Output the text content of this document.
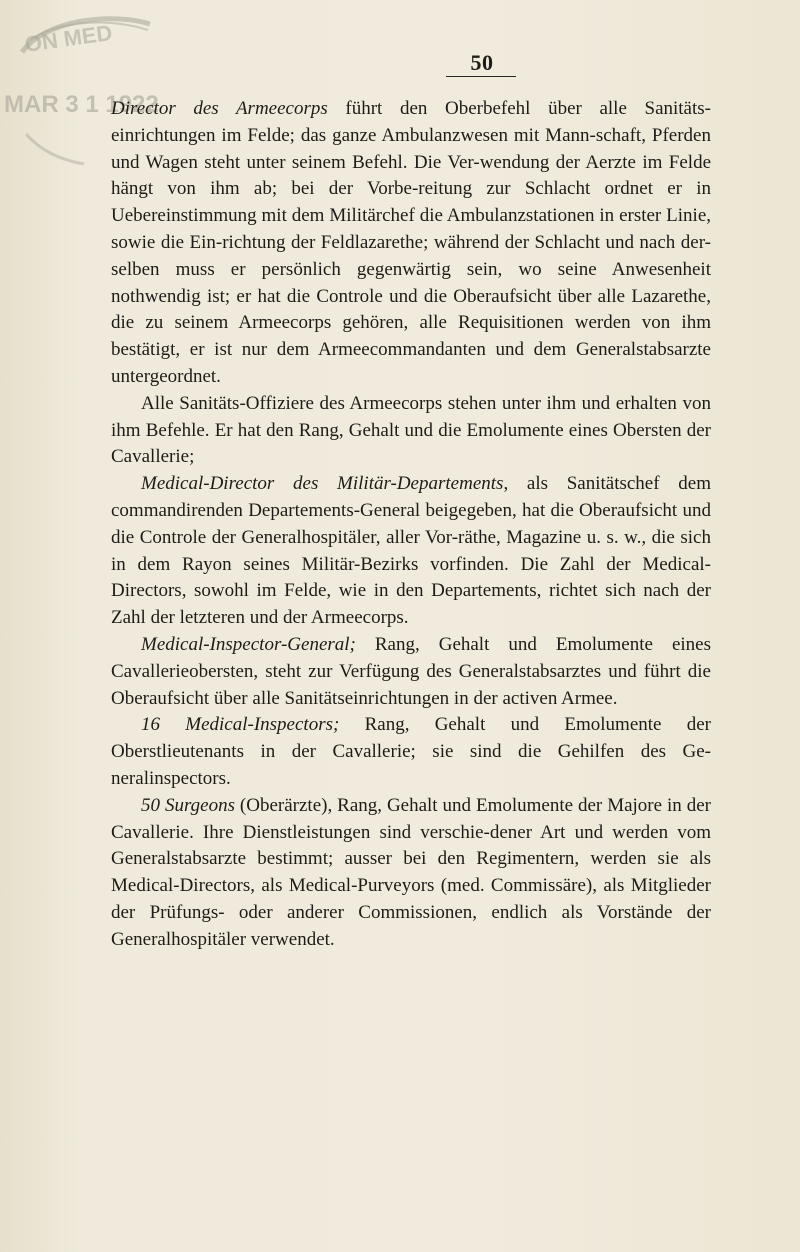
ON MED
MAR 3 1 1922
50

Director des Armeecorps führt den Oberbefehl über alle Sanitäts-einrichtungen im Felde; das ganze Ambulanzwesen mit Mann-schaft, Pferden und Wagen steht unter seinem Befehl. Die Ver-wendung der Aerzte im Felde hängt von ihm ab; bei der Vorbe-reitung zur Schlacht ordnet er in Uebereinstimmung mit dem Militärchef die Ambulanzstationen in erster Linie, sowie die Ein-richtung der Feldlazarethe; während der Schlacht und nach der-selben muss er persönlich gegenwärtig sein, wo seine Anwesenheit nothwendig ist; er hat die Controle und die Oberaufsicht über alle Lazarethe, die zu seinem Armeecorps gehören, alle Requisitionen werden von ihm bestätigt, er ist nur dem Armeecommandanten und dem Generalstabsarzte untergeordnet.

Alle Sanitäts-Offiziere des Armeecorps stehen unter ihm und erhalten von ihm Befehle. Er hat den Rang, Gehalt und die Emolumente eines Obersten der Cavallerie;

Medical-Director des Militär-Departements, als Sanitätschef dem commandirenden Departements-General beigegeben, hat die Oberaufsicht und die Controle der Generalhospitäler, aller Vor-räthe, Magazine u. s. w., die sich in dem Rayon seines Militär-Bezirks vorfinden. Die Zahl der Medical-Directors, sowohl im Felde, wie in den Departements, richtet sich nach der Zahl der letzteren und der Armeecorps.

Medical-Inspector-General; Rang, Gehalt und Emolumente eines Cavallerieobersten, steht zur Verfügung des Generalstabsarztes und führt die Oberaufsicht über alle Sanitätseinrichtungen in der activen Armee.

16 Medical-Inspectors; Rang, Gehalt und Emolumente der Oberstlieutenants in der Cavallerie; sie sind die Gehilfen des Ge-neralinspectors.

50 Surgeons (Oberärzte), Rang, Gehalt und Emolumente der Majore in der Cavallerie. Ihre Dienstleistungen sind verschie-dener Art und werden vom Generalstabsarzte bestimmt; ausser bei den Regimentern, werden sie als Medical-Directors, als Medical-Purveyors (med. Commissäre), als Mitglieder der Prüfungs- oder anderer Commissionen, endlich als Vorstände der Generalhospitäler verwendet.
